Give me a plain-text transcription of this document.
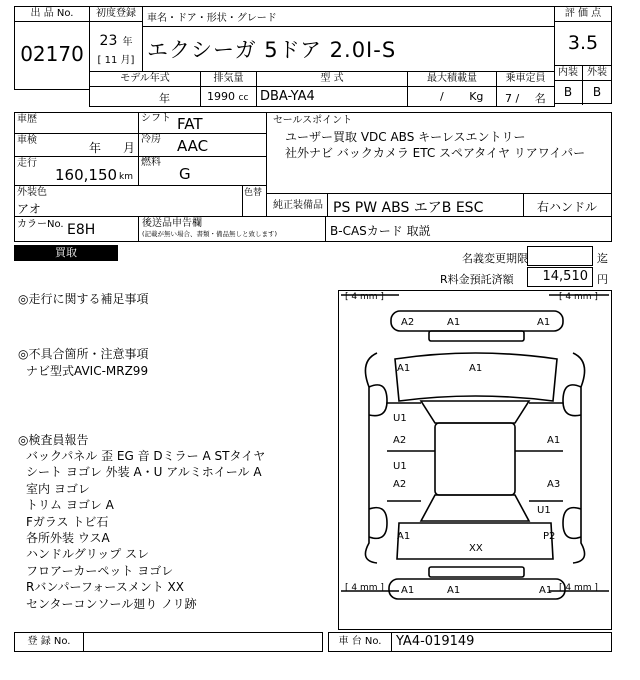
出 品 No.
02170
初度登録
23 年
[ 11 月]
車名・ドア・形状・グレード
エクシーガ 5ドア 2.0I-S
評 価 点
3.5
内装
B
外装
B
モデル年式
年
排気量
1990 cc
型 式
DBA-YA4
最大積載量
/ Kg
乗車定員
7 / 名
車歴
車検
年 月
走行
160,150 km
シフト FAT
冷房 AAC
燃料
G
セールスポイント
ユーザー買取 VDC ABS キーレスエントリー
社外ナビ バックカメラ ETC スペアタイヤ リアワイパー
外装色
アオ
色替
純正装備品 PS PW ABS エアB ESC	右ハンドル
カラーNo. E8H	後送品申告欄
(記載が無い場合、書類・備品無しと致します)	B-CASカード 取説
買取	名義変更期限	迄
R料金預託済額	14,510 円
◎走行に関する補足事項
◎不具合箇所・注意事項
ナビ型式AVIC-MRZ99
◎検査員報告
バックパネル 歪 EG 音 Dミラー A STタイヤ
シート ヨゴレ 外装 A・U アルミホイール A
室内 ヨゴレ
トリム ヨゴレ A
Fガラス トビ石
各所外装 ウスA
ハンドルグリップ スレ
フロアーカーペット ヨゴレ
Rバンパーフォースメント XX
センターコンソール廻り ノリ跡
[ 4 mm ]	[ 4 mm ]
[ 4 mm ]	[ 4 mm ]
A2	A1	A1
A1	A1
U1
A2	A1
U1
A2	A3
U1
A1	P2
XX
A1	A1	A1
登 録 No.	車 台 No.	YA4-019149
